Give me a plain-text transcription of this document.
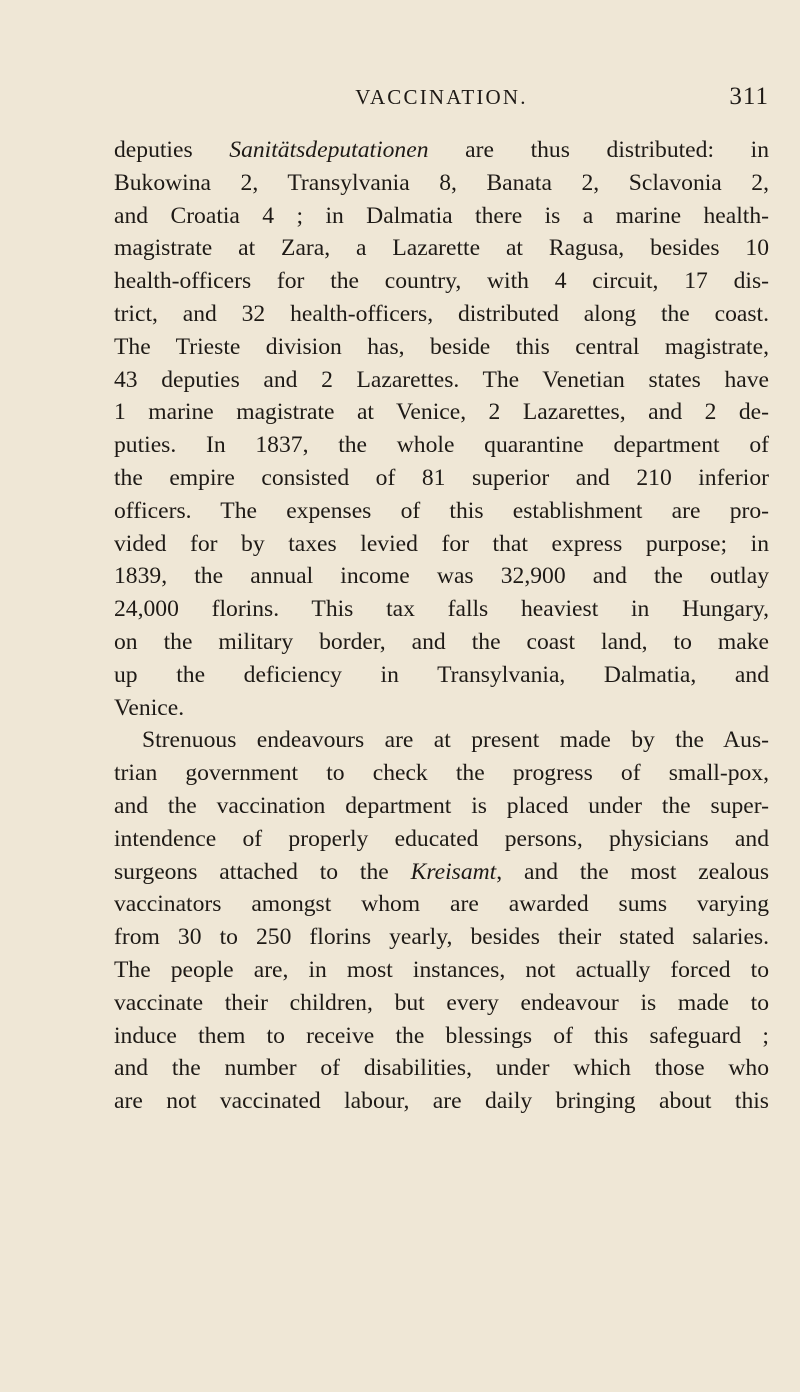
VACCINATION.	311
deputies Sanitätsdeputationen are thus distributed: in
Bukowina 2, Transylvania 8, Banata 2, Sclavonia 2,
and Croatia 4 ; in Dalmatia there is a marine health-
magistrate at Zara, a Lazarette at Ragusa, besides 10
health-officers for the country, with 4 circuit, 17 dis-
trict, and 32 health-officers, distributed along the coast.
The Trieste division has, beside this central magistrate,
43 deputies and 2 Lazarettes. The Venetian states have
1 marine magistrate at Venice, 2 Lazarettes, and 2 de-
puties. In 1837, the whole quarantine department of
the empire consisted of 81 superior and 210 inferior
officers. The expenses of this establishment are pro-
vided for by taxes levied for that express purpose; in
1839, the annual income was 32,900 and the outlay
24,000 florins. This tax falls heaviest in Hungary,
on the military border, and the coast land, to make
up the deficiency in Transylvania, Dalmatia, and
Venice.
Strenuous endeavours are at present made by the Aus-
trian government to check the progress of small-pox,
and the vaccination department is placed under the super-
intendence of properly educated persons, physicians and
surgeons attached to the Kreisamt, and the most zealous
vaccinators amongst whom are awarded sums varying
from 30 to 250 florins yearly, besides their stated salaries.
The people are, in most instances, not actually forced to
vaccinate their children, but every endeavour is made to
induce them to receive the blessings of this safeguard ;
and the number of disabilities, under which those who
are not vaccinated labour, are daily bringing about this
